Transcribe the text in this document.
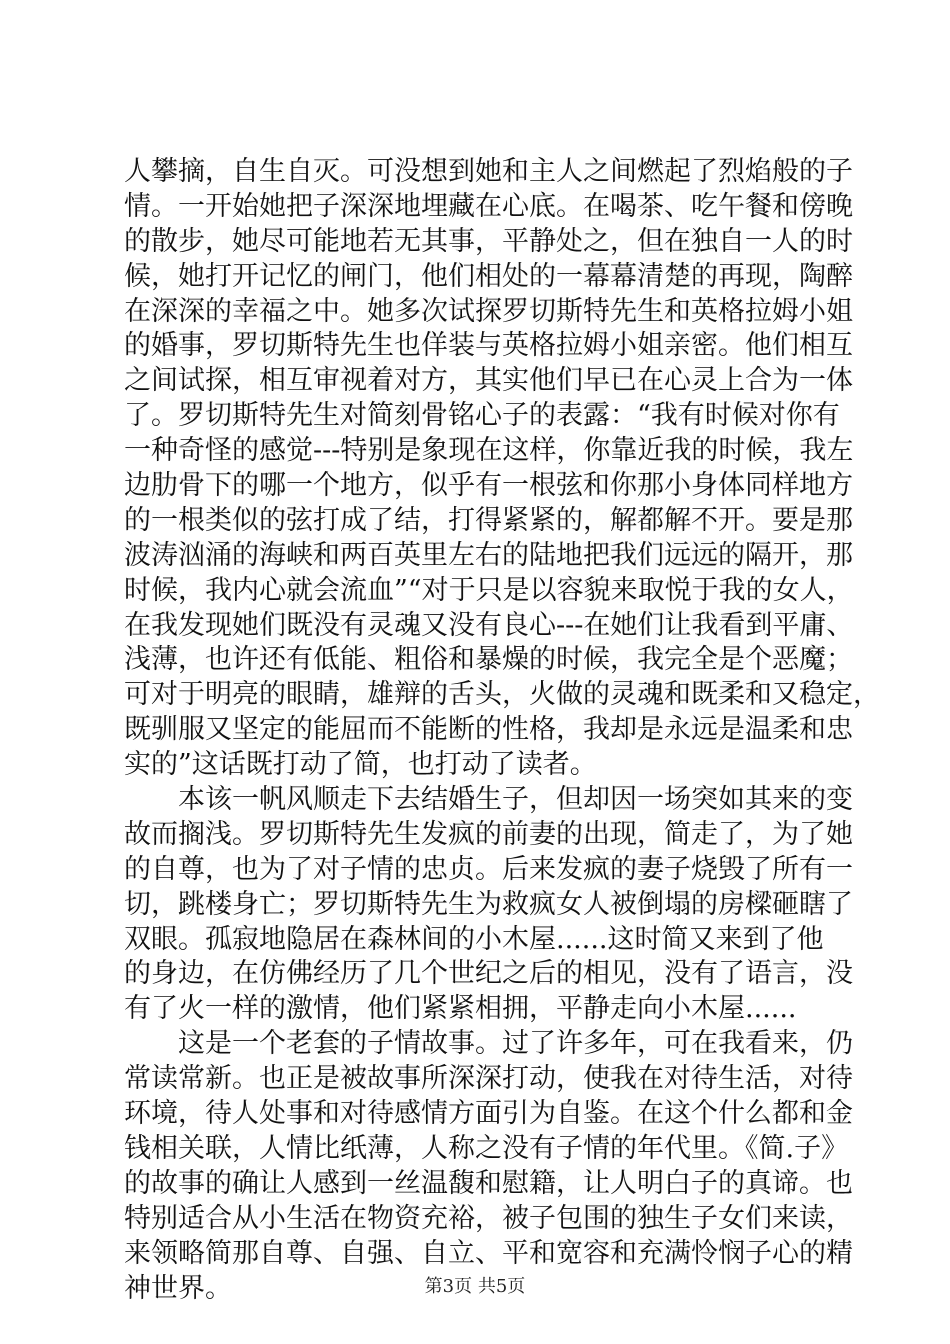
人攀摘，自生自灭。可没想到她和主人之间燃起了烈焰般的子
情。一开始她把子深深地埋藏在心底。在喝茶、吃午餐和傍晚
的散步，她尽可能地若无其事，平静处之，但在独自一人的时
候，她打开记忆的闸门，他们相处的一幕幕清楚的再现，陶醉
在深深的幸福之中。她多次试探罗切斯特先生和英格拉姆小姐
的婚事，罗切斯特先生也佯装与英格拉姆小姐亲密。他们相互
之间试探，相互审视着对方，其实他们早已在心灵上合为一体
了。罗切斯特先生对简刻骨铭心子的表露：“我有时候对你有
一种奇怪的感觉---特别是象现在这样，你靠近我的时候，我左
边肋骨下的哪一个地方，似乎有一根弦和你那小身体同样地方
的一根类似的弦打成了结，打得紧紧的，解都解不开。要是那
波涛汹涌的海峡和两百英里左右的陆地把我们远远的隔开，那
时候，我内心就会流血”“对于只是以容貌来取悦于我的女人，
在我发现她们既没有灵魂又没有良心---在她们让我看到平庸、
浅薄，也许还有低能、粗俗和暴燥的时候，我完全是个恶魔；
可对于明亮的眼睛，雄辩的舌头，火做的灵魂和既柔和又稳定，
既驯服又坚定的能屈而不能断的性格，我却是永远是温柔和忠
实的”这话既打动了简，也打动了读者。
　　本该一帆风顺走下去结婚生子，但却因一场突如其来的变
故而搁浅。罗切斯特先生发疯的前妻的出现，简走了，为了她
的自尊，也为了对子情的忠贞。后来发疯的妻子烧毁了所有一
切，跳楼身亡；罗切斯特先生为救疯女人被倒塌的房樑砸瞎了
双眼。孤寂地隐居在森林间的小木屋......这时简又来到了他
的身边，在仿佛经历了几个世纪之后的相见，没有了语言，没
有了火一样的激情，他们紧紧相拥，平静走向小木屋......
　　这是一个老套的子情故事。过了许多年，可在我看来，仍
常读常新。也正是被故事所深深打动，使我在对待生活，对待
环境，待人处事和对待感情方面引为自鉴。在这个什么都和金
钱相关联，人情比纸薄，人称之没有子情的年代里。《简.子》
的故事的确让人感到一丝温馥和慰籍，让人明白子的真谛。也
特别适合从小生活在物资充裕，被子包围的独生子女们来读，
来领略简那自尊、自强、自立、平和宽容和充满怜悯子心的精
神世界。	第3页 共5页
